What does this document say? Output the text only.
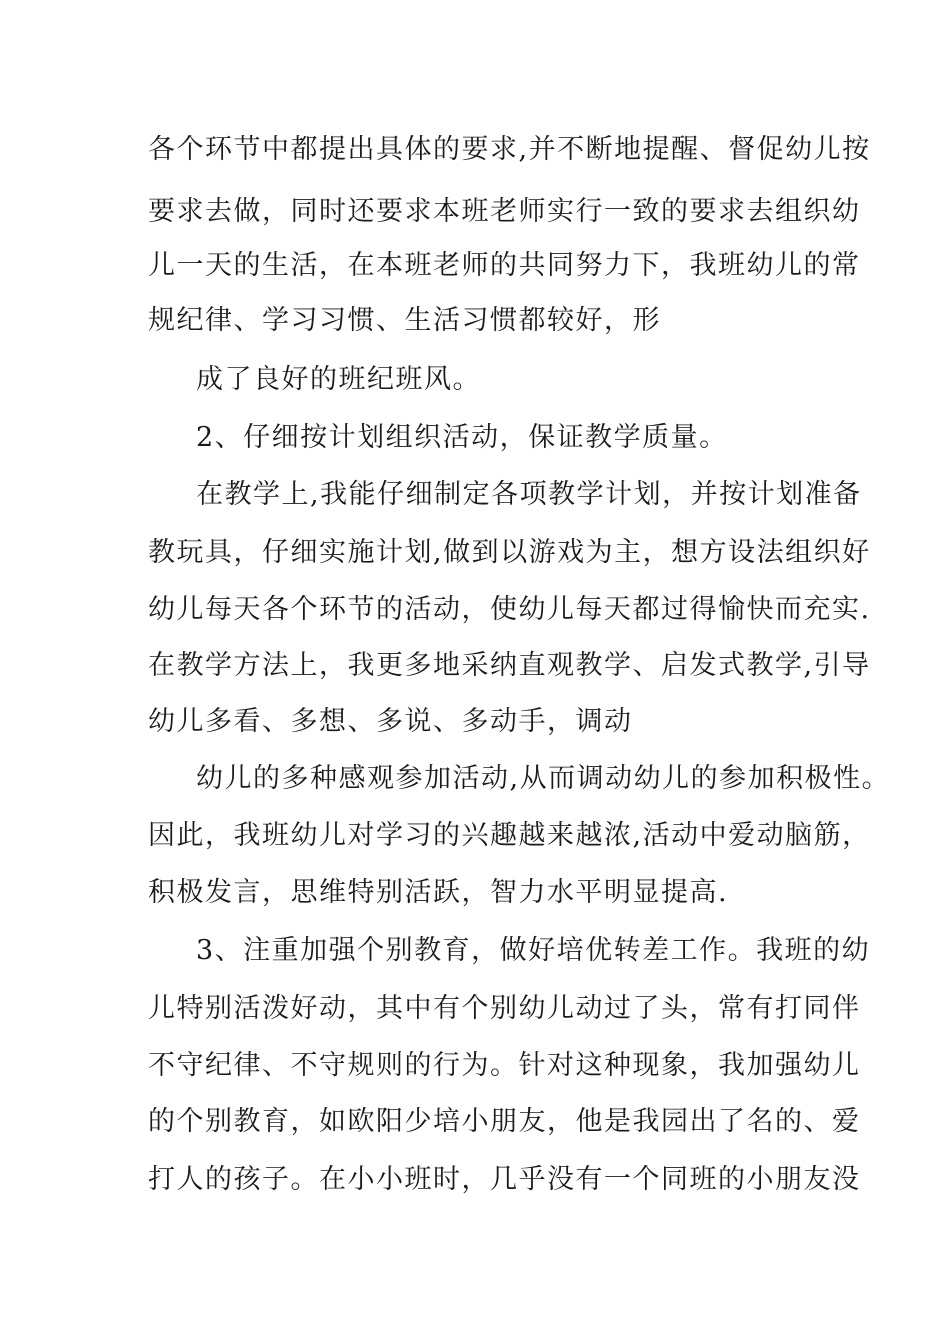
各个环节中都提出具体的要求,并不断地提醒、督促幼儿按
要求去做，同时还要求本班老师实行一致的要求去组织幼
儿一天的生活，在本班老师的共同努力下，我班幼儿的常
规纪律、学习习惯、生活习惯都较好，形
成了良好的班纪班风。
2、仔细按计划组织活动，保证教学质量。
在教学上,我能仔细制定各项教学计划，并按计划准备
教玩具，仔细实施计划,做到以游戏为主，想方设法组织好
幼儿每天各个环节的活动，使幼儿每天都过得愉快而充实.
在教学方法上，我更多地采纳直观教学、启发式教学,引导
幼儿多看、多想、多说、多动手，调动
幼儿的多种感观参加活动,从而调动幼儿的参加积极性。
因此，我班幼儿对学习的兴趣越来越浓,活动中爱动脑筋，
积极发言，思维特别活跃，智力水平明显提高.
3、注重加强个别教育，做好培优转差工作。我班的幼
儿特别活泼好动，其中有个别幼儿动过了头，常有打同伴
不守纪律、不守规则的行为。针对这种现象，我加强幼儿
的个别教育，如欧阳少培小朋友，他是我园出了名的、爱
打人的孩子。在小小班时，几乎没有一个同班的小朋友没
